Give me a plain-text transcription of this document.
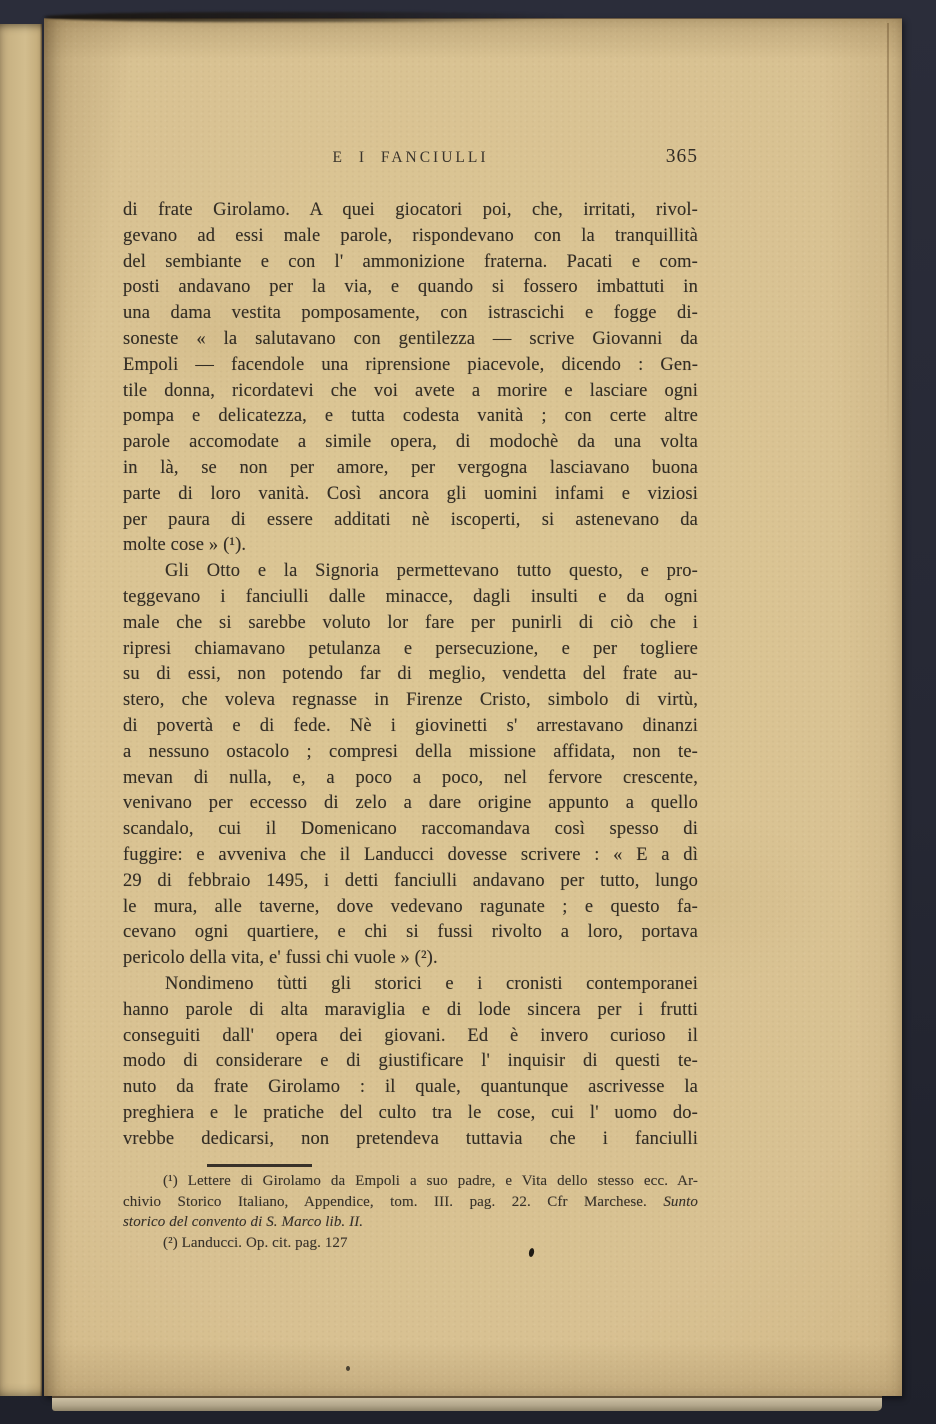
E I FANCIULLI	365
di frate Girolamo. A quei giocatori poi, che, irritati, rivol-
gevano ad essi male parole, rispondevano con la tranquillità
del sembiante e con l' ammonizione fraterna. Pacati e com-
posti andavano per la via, e quando si fossero imbattuti in
una dama vestita pomposamente, con istrascichi e fogge di-
soneste « la salutavano con gentilezza — scrive Giovanni da
Empoli — facendole una riprensione piacevole, dicendo : Gen-
tile donna, ricordatevi che voi avete a morire e lasciare ogni
pompa e delicatezza, e tutta codesta vanità ; con certe altre
parole accomodate a simile opera, di modochè da una volta
in là, se non per amore, per vergogna lasciavano buona
parte di loro vanità. Così ancora gli uomini infami e viziosi
per paura di essere additati nè iscoperti, si astenevano da
molte cose » (¹).
Gli Otto e la Signoria permettevano tutto questo, e pro-
teggevano i fanciulli dalle minacce, dagli insulti e da ogni
male che si sarebbe voluto lor fare per punirli di ciò che i
ripresi chiamavano petulanza e persecuzione, e per togliere
su di essi, non potendo far di meglio, vendetta del frate au-
stero, che voleva regnasse in Firenze Cristo, simbolo di virtù,
di povertà e di fede. Nè i giovinetti s' arrestavano dinanzi
a nessuno ostacolo ; compresi della missione affidata, non te-
mevan di nulla, e, a poco a poco, nel fervore crescente,
venivano per eccesso di zelo a dare origine appunto a quello
scandalo, cui il Domenicano raccomandava così spesso di
fuggire: e avveniva che il Landucci dovesse scrivere : « E a dì
29 di febbraio 1495, i detti fanciulli andavano per tutto, lungo
le mura, alle taverne, dove vedevano ragunate ; e questo fa-
cevano ogni quartiere, e chi si fussi rivolto a loro, portava
pericolo della vita, e' fussi chi vuole » (²).
Nondimeno tùtti gli storici e i cronisti contemporanei
hanno parole di alta maraviglia e di lode sincera per i frutti
conseguiti dall' opera dei giovani. Ed è invero curioso il
modo di considerare e di giustificare l' inquisir di questi te-
nuto da frate Girolamo : il quale, quantunque ascrivesse la
preghiera e le pratiche del culto tra le cose, cui l' uomo do-
vrebbe dedicarsi, non pretendeva tuttavia che i fanciulli
(¹) Lettere di Girolamo da Empoli a suo padre, e Vita dello stesso ecc. Ar-
chivio Storico Italiano, Appendice, tom. III. pag. 22. Cfr Marchese. Sunto
storico del convento di S. Marco lib. II.
(²) Landucci. Op. cit. pag. 127
